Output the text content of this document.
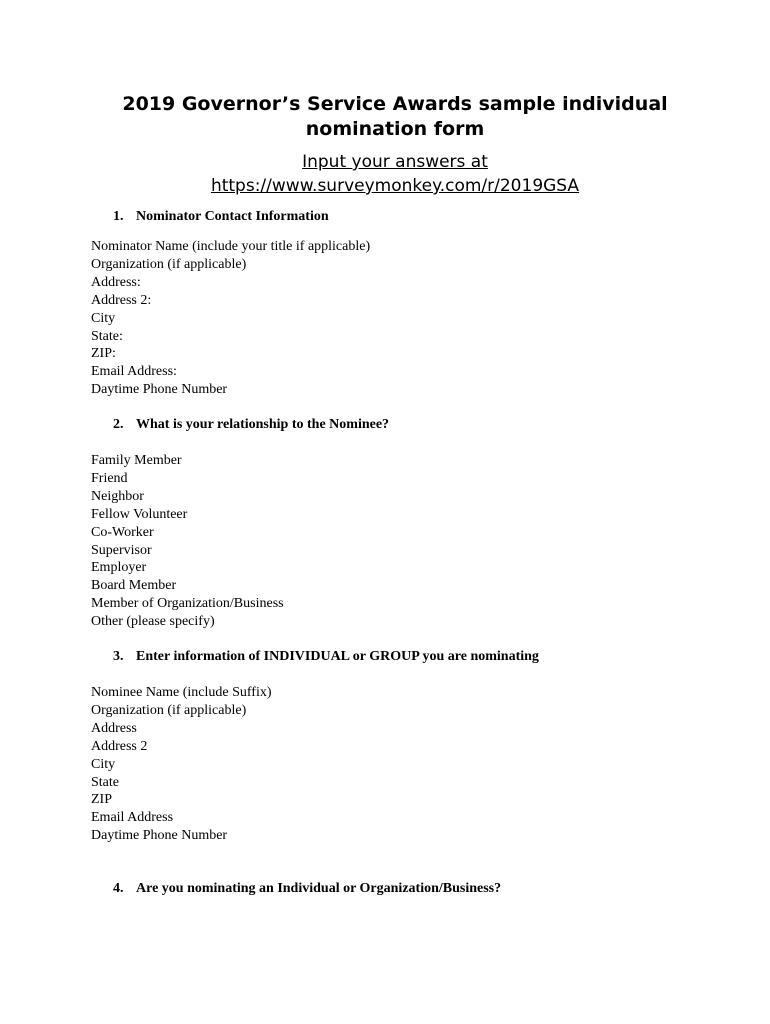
2019 Governor’s Service Awards sample individual
nomination form
Input your answers at
https://www.surveymonkey.com/r/2019GSA
1. Nominator Contact Information
Nominator Name (include your title if applicable)
Organization (if applicable)
Address:
Address 2:
City
State:
ZIP:
Email Address:
Daytime Phone Number
2. What is your relationship to the Nominee?
Family Member
Friend
Neighbor
Fellow Volunteer
Co-Worker
Supervisor
Employer
Board Member
Member of Organization/Business
Other (please specify)
3. Enter information of INDIVIDUAL or GROUP you are nominating
Nominee Name (include Suffix)
Organization (if applicable)
Address
Address 2
City
State
ZIP
Email Address
Daytime Phone Number
4. Are you nominating an Individual or Organization/Business?
